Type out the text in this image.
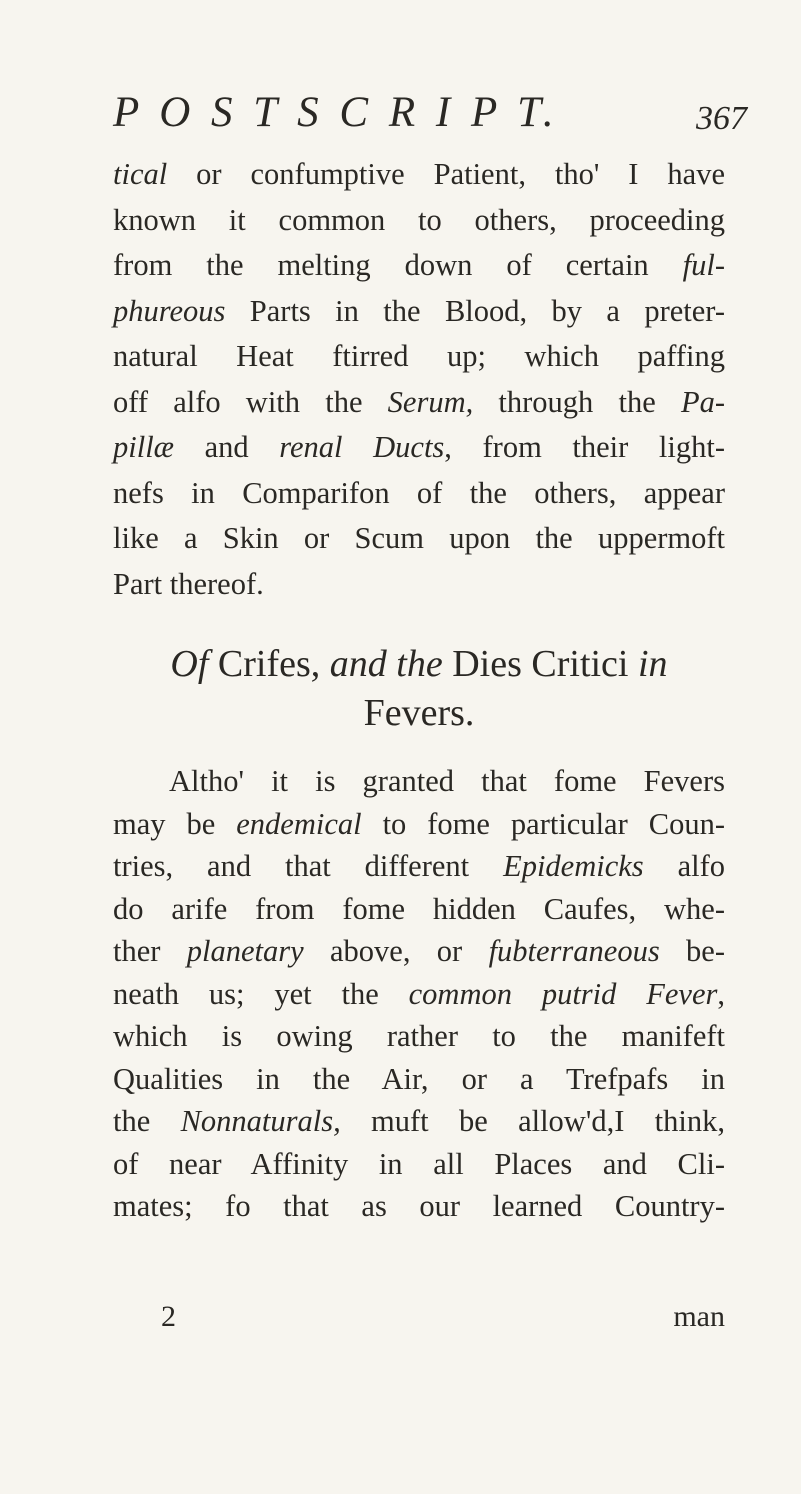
P O S T S C R I P T.	367
tical or confumptive Patient, tho' I have
known it common to others, proceeding
from the melting down of certain ful-
phureous Parts in the Blood, by a preter-
natural Heat ftirred up; which paffing
off alfo with the Serum, through the Pa-
pillæ and renal Ducts, from their light-
nefs in Comparifon of the others, appear
like a Skin or Scum upon the uppermoft
Part thereof.
Of Crifes, and the Dies Critici in
Fevers.
Altho' it is granted that fome Fevers
may be endemical to fome particular Coun-
tries, and that different Epidemicks alfo
do arife from fome hidden Caufes, whe-
ther planetary above, or fubterraneous be-
neath us; yet the common putrid Fever,
which is owing rather to the manifeft
Qualities in the Air, or a Trefpafs in
the Nonnaturals, muft be allow'd,I think,
of near Affinity in all Places and Cli-
mates; fo that as our learned Country-
2	man
